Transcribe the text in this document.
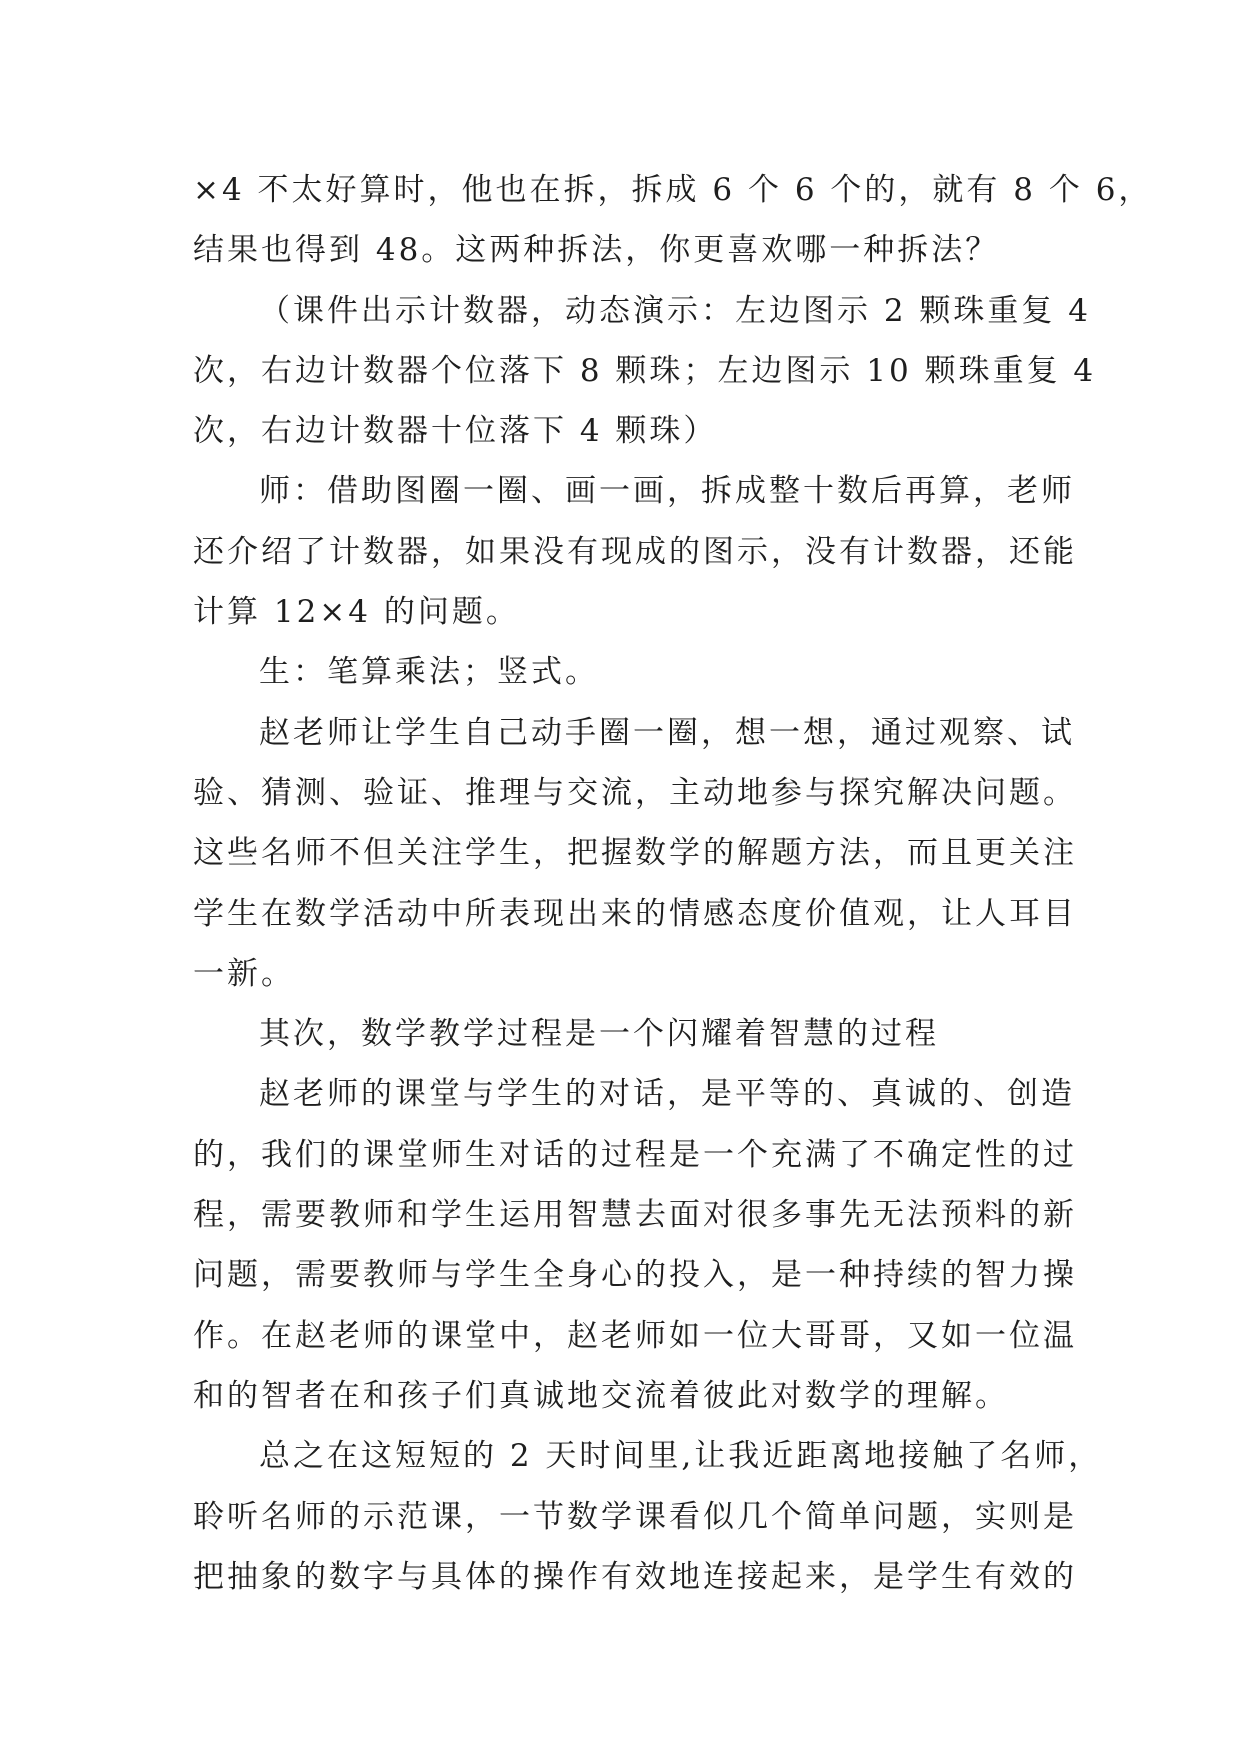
×4 不太好算时，他也在拆，拆成 6 个 6 个的，就有 8 个 6，
结果也得到 48。这两种拆法，你更喜欢哪一种拆法？
（课件出示计数器，动态演示：左边图示 2 颗珠重复 4
次，右边计数器个位落下 8 颗珠；左边图示 10 颗珠重复 4
次，右边计数器十位落下 4 颗珠）
师：借助图圈一圈、画一画，拆成整十数后再算，老师
还介绍了计数器，如果没有现成的图示，没有计数器，还能
计算 12×4 的问题。
生：笔算乘法；竖式。
赵老师让学生自己动手圈一圈，想一想，通过观察、试
验、猜测、验证、推理与交流，主动地参与探究解决问题。
这些名师不但关注学生，把握数学的解题方法，而且更关注
学生在数学活动中所表现出来的情感态度价值观，让人耳目
一新。
其次，数学教学过程是一个闪耀着智慧的过程
赵老师的课堂与学生的对话，是平等的、真诚的、创造
的，我们的课堂师生对话的过程是一个充满了不确定性的过
程，需要教师和学生运用智慧去面对很多事先无法预料的新
问题，需要教师与学生全身心的投入，是一种持续的智力操
作。在赵老师的课堂中，赵老师如一位大哥哥，又如一位温
和的智者在和孩子们真诚地交流着彼此对数学的理解。
总之在这短短的 2 天时间里,让我近距离地接触了名师，
聆听名师的示范课，一节数学课看似几个简单问题，实则是
把抽象的数字与具体的操作有效地连接起来，是学生有效的
